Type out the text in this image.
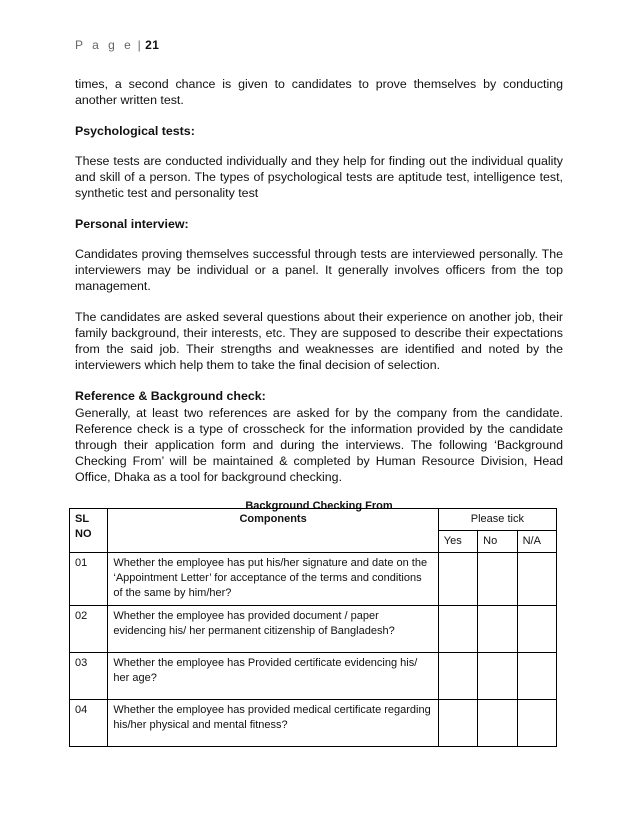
P a g e | 21

times, a second chance is given to candidates to prove themselves by conducting another written test.

Psychological tests:

These tests are conducted individually and they help for finding out the individual quality and skill of a person. The types of psychological tests are aptitude test, intelligence test, synthetic test and personality test

Personal interview:

Candidates proving themselves successful through tests are interviewed personally. The interviewers may be individual or a panel. It generally involves officers from the top management.

The candidates are asked several questions about their experience on another job, their family background, their interests, etc. They are supposed to describe their expectations from the said job. Their strengths and weaknesses are identified and noted by the interviewers which help them to take the final decision of selection.

Reference & Background check:

Generally, at least two references are asked for by the company from the candidate. Reference check is a type of crosscheck for the information provided by the candidate through their application form and during the interviews. The following ‘Background Checking From’ will be maintained & completed by Human Resource Division, Head Office, Dhaka as a tool for background checking.

Background Checking From
SL NO	Components	Please tick		
		Yes	No	N/A
01	Whether the employee has put his/her signature and date on the ‘Appointment Letter’ for acceptance of the terms and conditions of the same by him/her?			
02	Whether the employee has provided document / paper evidencing his/ her permanent citizenship of Bangladesh?			
03	Whether the employee has Provided certificate evidencing his/ her age?			
04	Whether the employee has provided medical certificate regarding his/her physical and mental fitness?			
